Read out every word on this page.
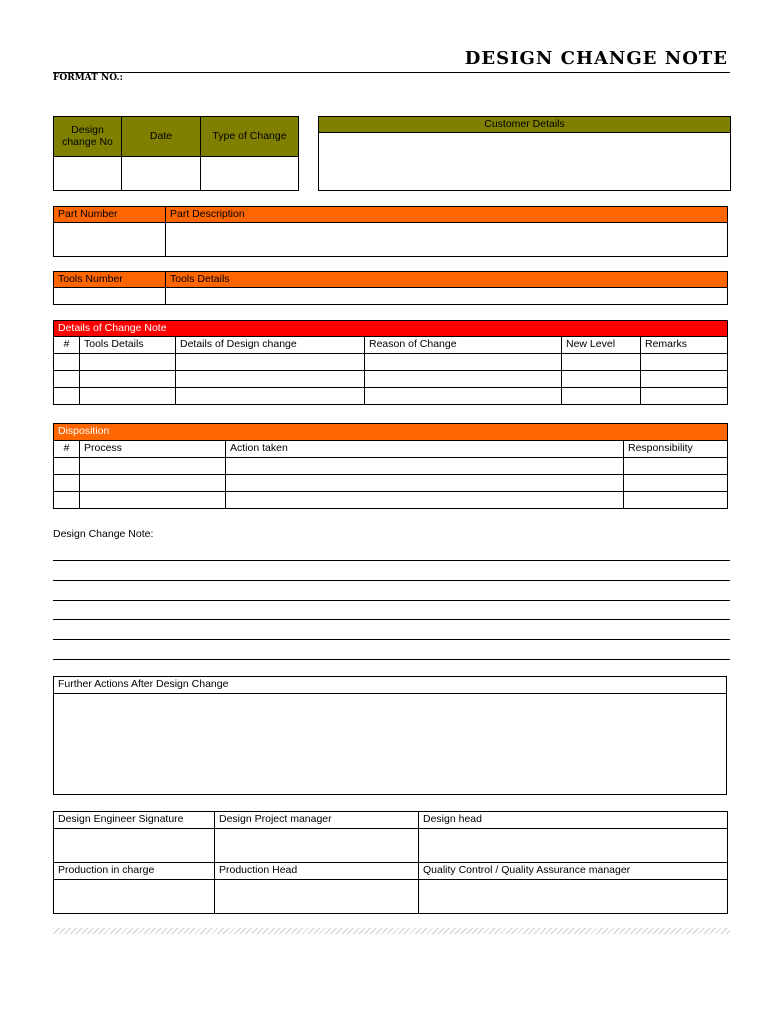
DESIGN CHANGE NOTE
FORMAT NO.:
Design change No	Date	Type of Change

Customer Details

Part Number	Part Description

Tools Number	Tools Details

Details of Change Note					
#	Tools Details	Details of Design change	Reason of Change	New Level	Remarks

Disposition			
#	Process	Action taken	Responsibility

Design Change Note:
Further Actions After Design Change

Design Engineer Signature	Design Project manager	Design head

Production in charge	Production Head	Quality Control / Quality Assurance manager
